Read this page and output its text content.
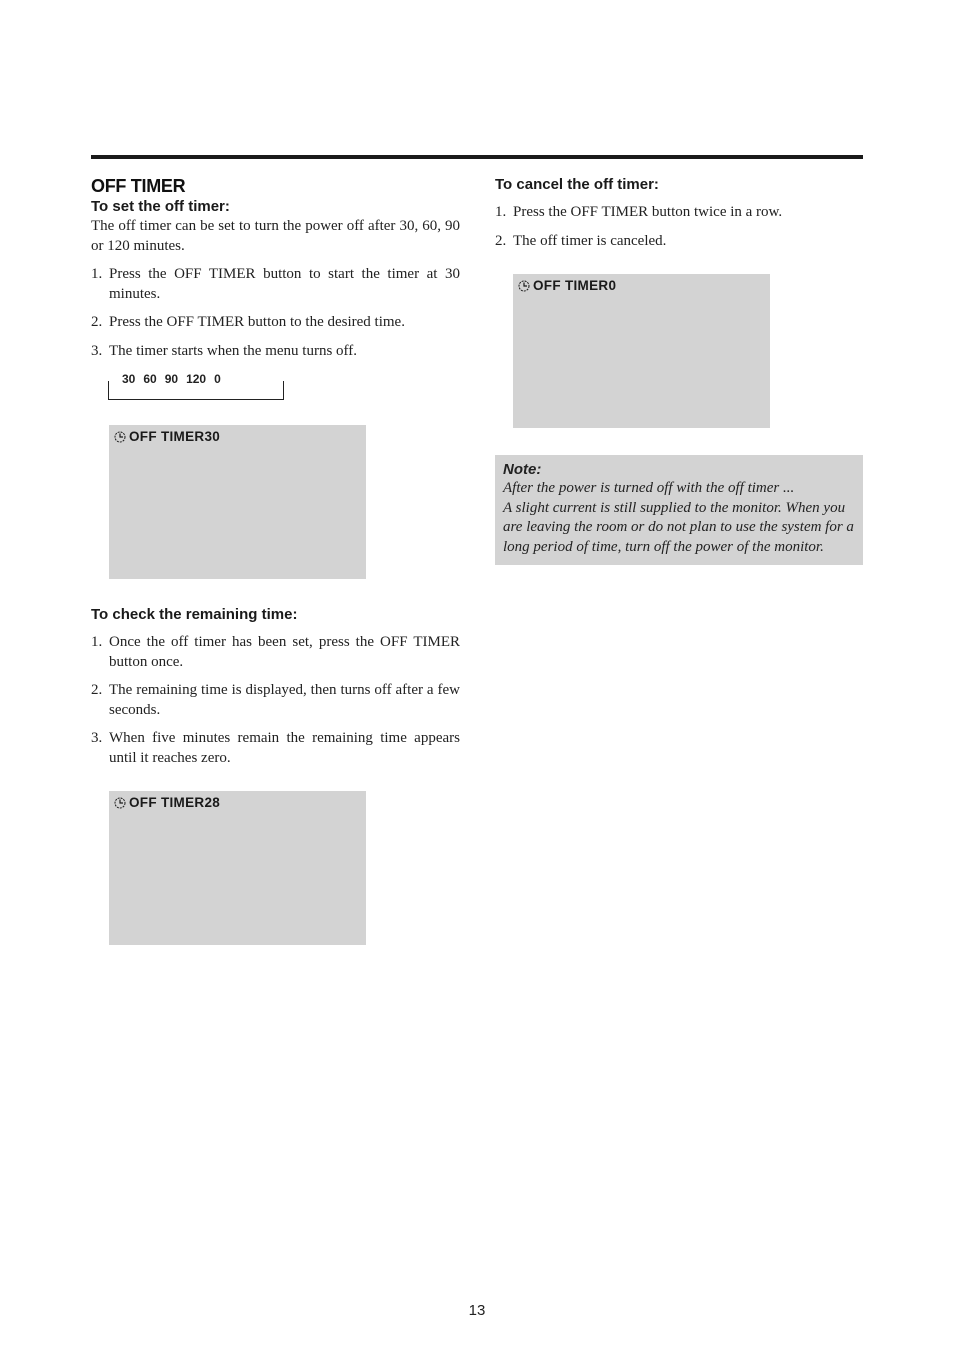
OFF TIMER
To set the off timer:

The off timer can be set to turn the power off after 30, 60, 90 or 120 minutes.

1. Press the OFF TIMER button to start the timer at 30 minutes.
2. Press the OFF TIMER button to the desired time.
3. The timer starts when the menu turns off.
30 60 90 120 0
OFF TIMER30
To check the remaining time:
1. Once the off timer has been set, press the OFF TIMER button once.
2. The remaining time is displayed, then turns off after a few seconds.
3. When five minutes remain the remaining time appears until it reaches zero.
OFF TIMER28
To cancel the off timer:
1. Press the OFF TIMER button twice in a row.
2. The off timer is canceled.
OFF TIMER0

Note:

After the power is turned off with the off timer ...

A slight current is still supplied to the monitor. When you are leaving the room or do not plan to use the system for a long period of time, turn off the power of the monitor.

13
